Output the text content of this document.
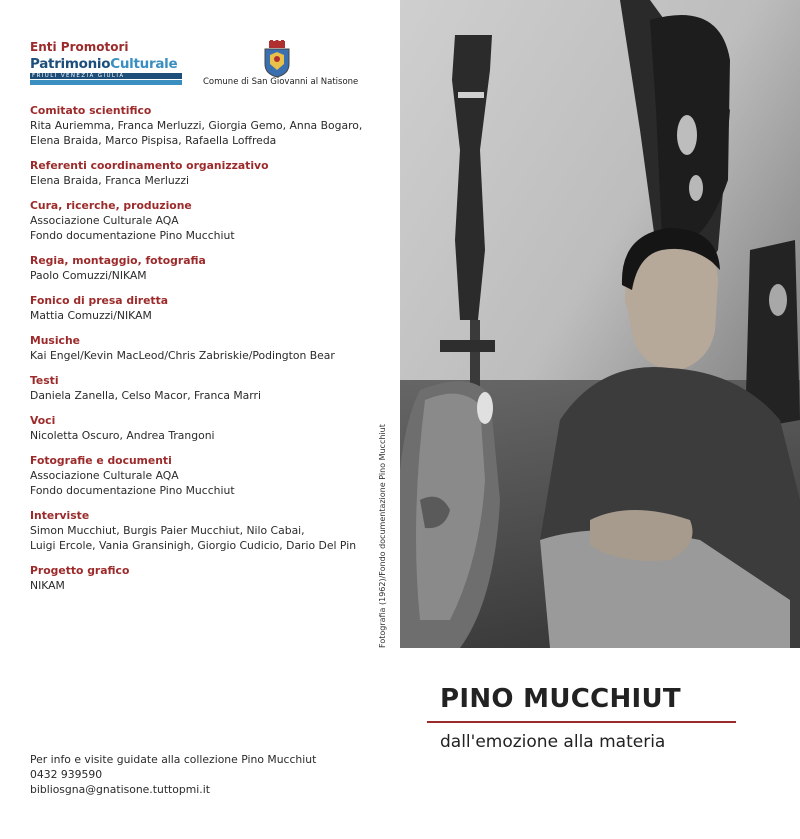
Enti Promotori
PatrimonioCulturale
FRIULI VENEZIA GIULIA

Comune di San Giovanni al Natisone
Comitato scientifico
Rita Auriemma, Franca Merluzzi, Giorgia Gemo, Anna Bogaro,
Elena Braida, Marco Pispisa, Rafaella Loffreda
Referenti coordinamento organizzativo
Elena Braida, Franca Merluzzi
Cura, ricerche, produzione
Associazione Culturale AQA
Fondo documentazione Pino Mucchiut
Regia, montaggio, fotografia
Paolo Comuzzi/NIKAM
Fonico di presa diretta
Mattia Comuzzi/NIKAM
Musiche
Kai Engel/Kevin MacLeod/Chris Zabriskie/Podington Bear
Testi
Daniela Zanella, Celso Macor, Franca Marri
Voci
Nicoletta Oscuro, Andrea Trangoni
Fotografie e documenti
Associazione Culturale AQA
Fondo documentazione Pino Mucchiut
Interviste
Simon Mucchiut, Burgis Paier Mucchiut, Nilo Cabai,
Luigi Ercole, Vania Gransinigh, Giorgio Cudicio, Dario Del Pin
Progetto grafico
NIKAM
Per info e visite guidate alla collezione Pino Mucchiut
0432 939590
bibliosgna@gnatisone.tuttopmi.it
Fotografia (1962)/Fondo documentazione Pino Mucchiut
PINO MUCCHIUT
dall'emozione alla materia
